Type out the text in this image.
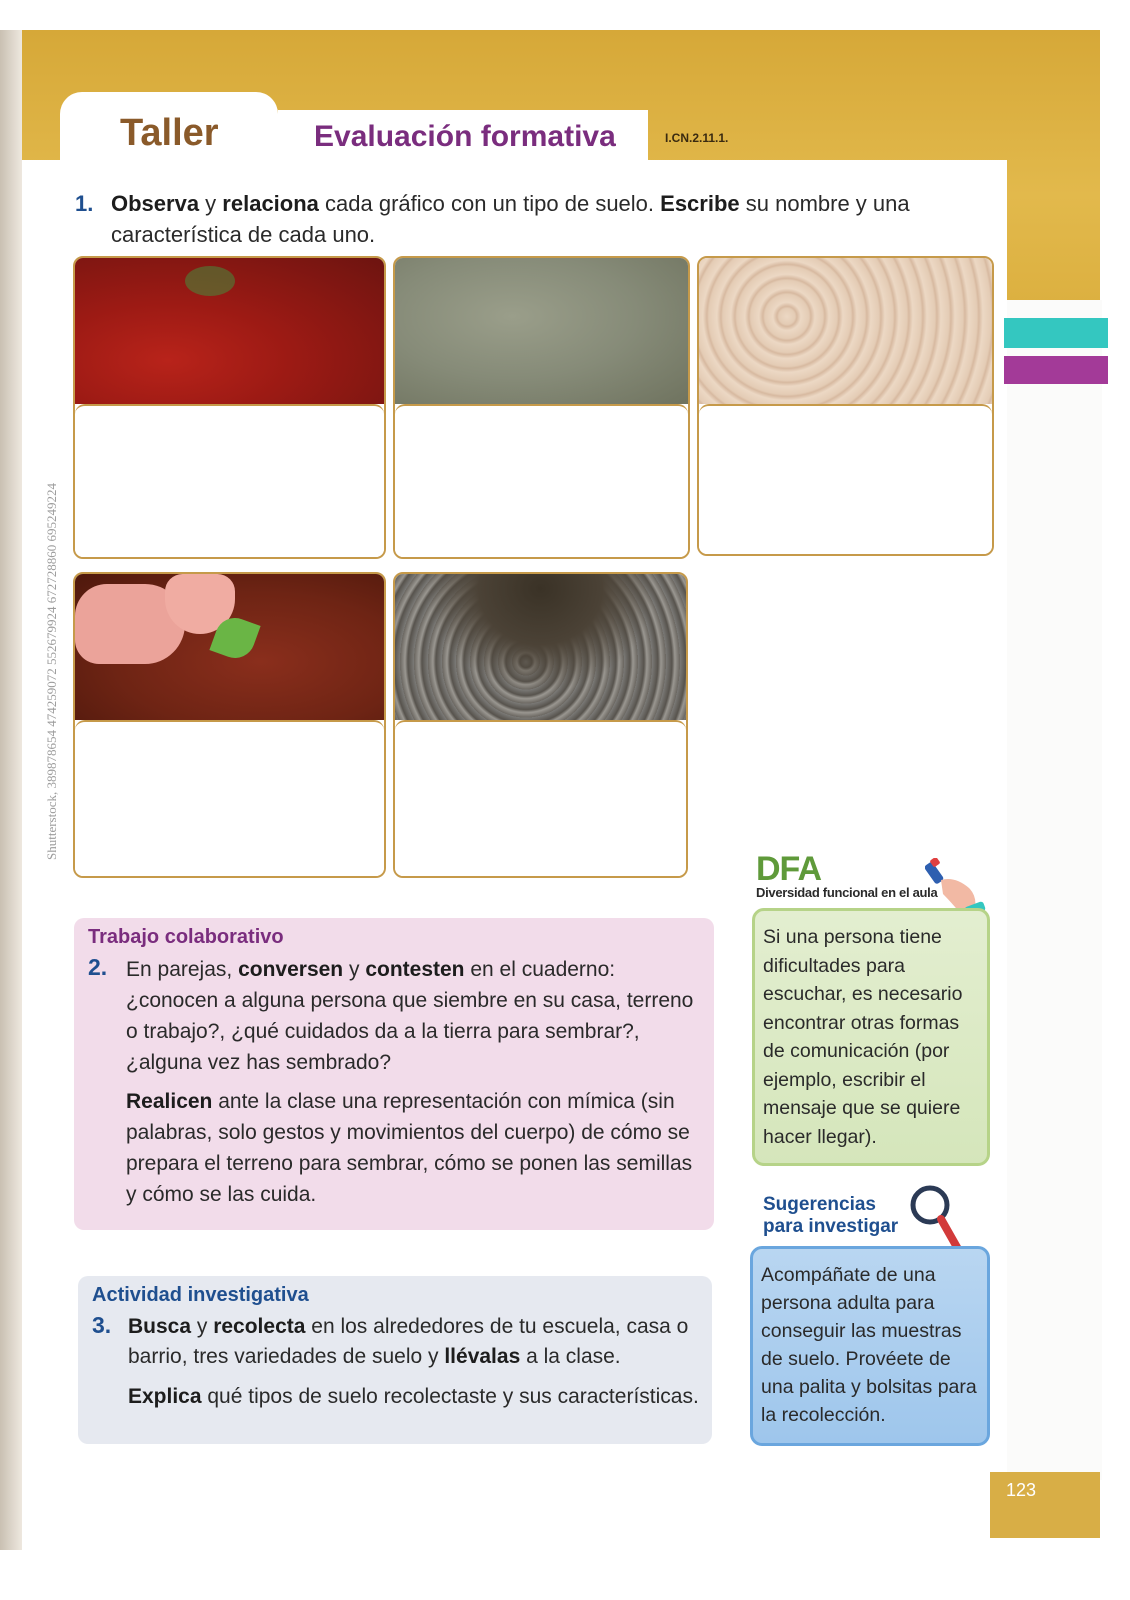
Taller	Evaluación formativa	I.CN.2.11.1.
Shutterstock, 389878654 474259072 552679924 672728860 695249224
1. Observa y relaciona cada gráfico con un tipo de suelo. Escribe su nombre y una característica de cada uno.
Trabajo colaborativo
2. En parejas, conversen y contesten en el cuaderno: ¿conocen a alguna persona que siembre en su casa, terreno o trabajo?, ¿qué cuidados da a la tierra para sembrar?, ¿alguna vez has sembrado?
Realicen ante la clase una representación con mímica (sin palabras, solo gestos y movimientos del cuerpo) de cómo se prepara el terreno para sembrar, cómo se ponen las semillas y cómo se las cuida.
Actividad investigativa
3. Busca y recolecta en los alrededores de tu escuela, casa o barrio, tres variedades de suelo y llévalas a la clase.
Explica qué tipos de suelo recolectaste y sus características.
DFA
Diversidad funcional en el aula

Si una persona tiene dificultades para escuchar, es necesario encontrar otras formas de comunicación (por ejemplo, escribir el mensaje que se quiere hacer llegar).

Sugerencias
para investigar

Acompáñate de una persona adulta para conseguir las muestras de suelo. Provéete de una palita y bolsitas para la recolección.

123
